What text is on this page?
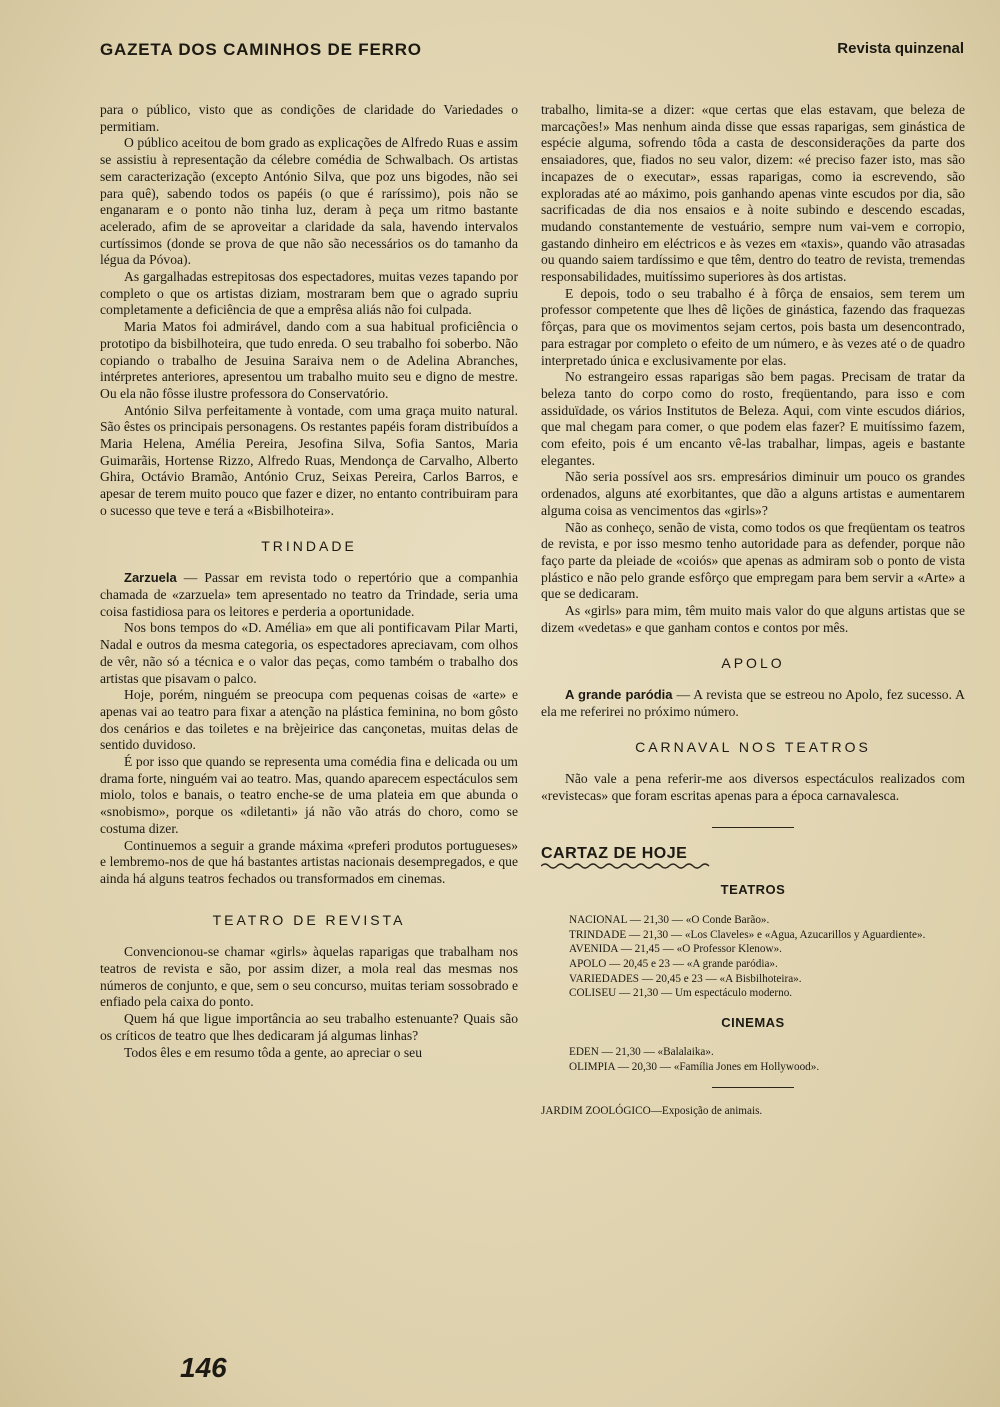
GAZETA DOS CAMINHOS DE FERRO	Revista quinzenal

para o público, visto que as condições de claridade do Variedades o permitiam.

O público aceitou de bom grado as explicações de Alfredo Ruas e assim se assistiu à representação da célebre comédia de Schwalbach. Os artistas sem caracterização (excepto António Silva, que poz uns bigodes, não sei para quê), sabendo todos os papéis (o que é raríssimo), pois não se enganaram e o ponto não tinha luz, deram à peça um ritmo bastante acelerado, afim de se aproveitar a claridade da sala, havendo intervalos curtíssimos (donde se prova de que não são necessários os do tamanho da légua da Póvoa).

As gargalhadas estrepitosas dos espectadores, muitas vezes tapando por completo o que os artistas diziam, mostraram bem que o agrado supriu completamente a deficiência de que a emprêsa aliás não foi culpada.

Maria Matos foi admirável, dando com a sua habitual proficiência o prototipo da bisbilhoteira, que tudo enreda. O seu trabalho foi soberbo. Não copiando o trabalho de Jesuina Saraiva nem o de Adelina Abranches, intérpretes anteriores, apresentou um trabalho muito seu e digno de mestre. Ou ela não fôsse ilustre professora do Conservatório.

António Silva perfeitamente à vontade, com uma graça muito natural. São êstes os principais personagens. Os restantes papéis foram distribuídos a Maria Helena, Amélia Pereira, Jesofina Silva, Sofia Santos, Maria Guimarãis, Hortense Rizzo, Alfredo Ruas, Mendonça de Carvalho, Alberto Ghira, Octávio Bramão, António Cruz, Seixas Pereira, Carlos Barros, e apesar de terem muito pouco que fazer e dizer, no entanto contribuiram para o sucesso que teve e terá a «Bisbilhoteira».

TRINDADE

Zarzuela — Passar em revista todo o repertório que a companhia chamada de «zarzuela» tem apresentado no teatro da Trindade, seria uma coisa fastidiosa para os leitores e perderia a oportunidade.

Nos bons tempos do «D. Amélia» em que ali pontificavam Pilar Marti, Nadal e outros da mesma categoria, os espectadores apreciavam, com olhos de vêr, não só a técnica e o valor das peças, como também o trabalho dos artistas que pisavam o palco.

Hoje, porém, ninguém se preocupa com pequenas coisas de «arte» e apenas vai ao teatro para fixar a atenção na plástica feminina, no bom gôsto dos cenários e das toiletes e na brèjeirice das cançonetas, muitas delas de sentido duvidoso.

É por isso que quando se representa uma comédia fina e delicada ou um drama forte, ninguém vai ao teatro. Mas, quando aparecem espectáculos sem miolo, tolos e banais, o teatro enche-se de uma plateia em que abunda o «snobismo», porque os «diletanti» já não vão atrás do choro, como se costuma dizer.

Continuemos a seguir a grande máxima «preferi produtos portugueses» e lembremo-nos de que há bastantes artistas nacionais desempregados, e que ainda há alguns teatros fechados ou transformados em cinemas.

TEATRO DE REVISTA

Convencionou-se chamar «girls» àquelas raparigas que trabalham nos teatros de revista e são, por assim dizer, a mola real das mesmas nos números de conjunto, e que, sem o seu concurso, muitas teriam sossobrado e enfiado pela caixa do ponto.

Quem há que ligue importância ao seu trabalho estenuante? Quais são os críticos de teatro que lhes dedicaram já algumas linhas?

Todos êles e em resumo tôda a gente, ao apreciar o seu

trabalho, limita-se a dizer: «que certas que elas estavam, que beleza de marcações!» Mas nenhum ainda disse que essas raparigas, sem ginástica de espécie alguma, sofrendo tôda a casta de desconsiderações da parte dos ensaiadores, que, fiados no seu valor, dizem: «é preciso fazer isto, mas são incapazes de o executar», essas raparigas, como ia escrevendo, são exploradas até ao máximo, pois ganhando apenas vinte escudos por dia, são sacrificadas de dia nos ensaios e à noite subindo e descendo escadas, mudando constantemente de vestuário, sempre num vai-vem e corropio, gastando dinheiro em eléctricos e às vezes em «taxis», quando vão atrasadas ou quando saiem tardíssimo e que têm, dentro do teatro de revista, tremendas responsabilidades, muitíssimo superiores às dos artistas.

E depois, todo o seu trabalho é à fôrça de ensaios, sem terem um professor competente que lhes dê lições de ginástica, fazendo das fraquezas fôrças, para que os movimentos sejam certos, pois basta um desencontrado, para estragar por completo o efeito de um número, e às vezes até o de quadro interpretado única e exclusivamente por elas.

No estrangeiro essas raparigas são bem pagas. Precisam de tratar da beleza tanto do corpo como do rosto, freqüentando, para isso e com assiduïdade, os vários Institutos de Beleza. Aqui, com vinte escudos diários, que mal chegam para comer, o que podem elas fazer? E muitíssimo fazem, com efeito, pois é um encanto vê-las trabalhar, limpas, ageis e bastante elegantes.

Não seria possível aos srs. empresários diminuir um pouco os grandes ordenados, alguns até exorbitantes, que dão a alguns artistas e aumentarem alguma coisa as vencimentos das «girls»?

Não as conheço, senão de vista, como todos os que freqüentam os teatros de revista, e por isso mesmo tenho autoridade para as defender, porque não faço parte da pleiade de «coiós» que apenas as admiram sob o ponto de vista plástico e não pelo grande esfôrço que empregam para bem servir a «Arte» a que se dedicaram.

As «girls» para mim, têm muito mais valor do que alguns artistas que se dizem «vedetas» e que ganham contos e contos por mês.

APOLO

A grande paródia — A revista que se estreou no Apolo, fez sucesso. A ela me referirei no próximo número.

CARNAVAL NOS TEATROS

Não vale a pena referir-me aos diversos espectáculos realizados com «revistecas» que foram escritas apenas para a época carnavalesca.

CARTAZ DE HOJE
TEATROS
NACIONAL — 21,30 — «O Conde Barão».
TRINDADE — 21,30 — «Los Claveles» e «Agua, Azucarillos y Aguardiente».
AVENIDA — 21,45 — «O Professor Klenow».
APOLO — 20,45 e 23 — «A grande paródia».
VARIEDADES — 20,45 e 23 — «A Bisbilhoteira».
COLISEU — 21,30 — Um espectáculo moderno.
CINEMAS
EDEN — 21,30 — «Balalaika».
OLIMPIA — 20,30 — «Família Jones em Hollywood».
JARDIM ZOOLÓGICO—Exposição de animais.
146
